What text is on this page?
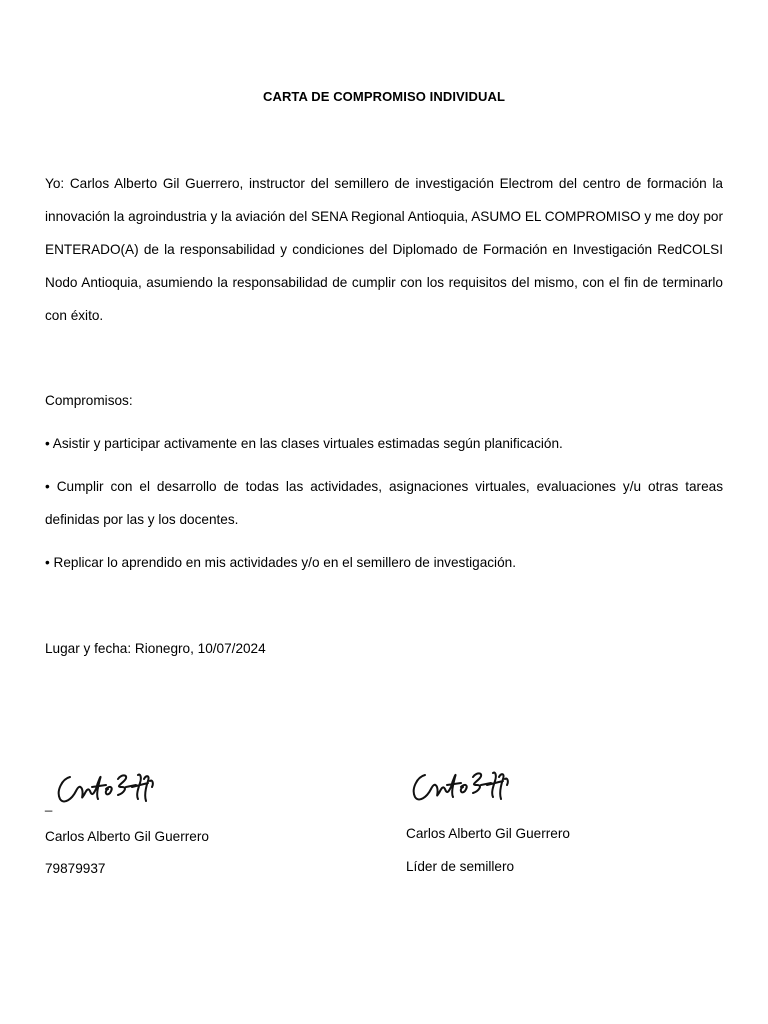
CARTA DE COMPROMISO INDIVIDUAL
Yo: Carlos Alberto Gil Guerrero, instructor del semillero de investigación Electrom del centro de formación la innovación la agroindustria y la aviación del SENA Regional Antioquia, ASUMO EL COMPROMISO y me doy por ENTERADO(A) de la responsabilidad y condiciones del Diplomado de Formación en Investigación RedCOLSI Nodo Antioquia, asumiendo la responsabilidad de cumplir con los requisitos del mismo, con el fin de terminarlo con éxito.
Compromisos:
• Asistir y participar activamente en las clases virtuales estimadas según planificación.
• Cumplir con el desarrollo de todas las actividades, asignaciones virtuales, evaluaciones y/u otras tareas definidas por las y los docentes.
• Replicar lo aprendido en mis actividades y/o en el semillero de investigación.
Lugar y fecha: Rionegro, 10/07/2024
_
Carlos Alberto Gil Guerrero
79879937
Carlos Alberto Gil Guerrero
Líder de semillero
